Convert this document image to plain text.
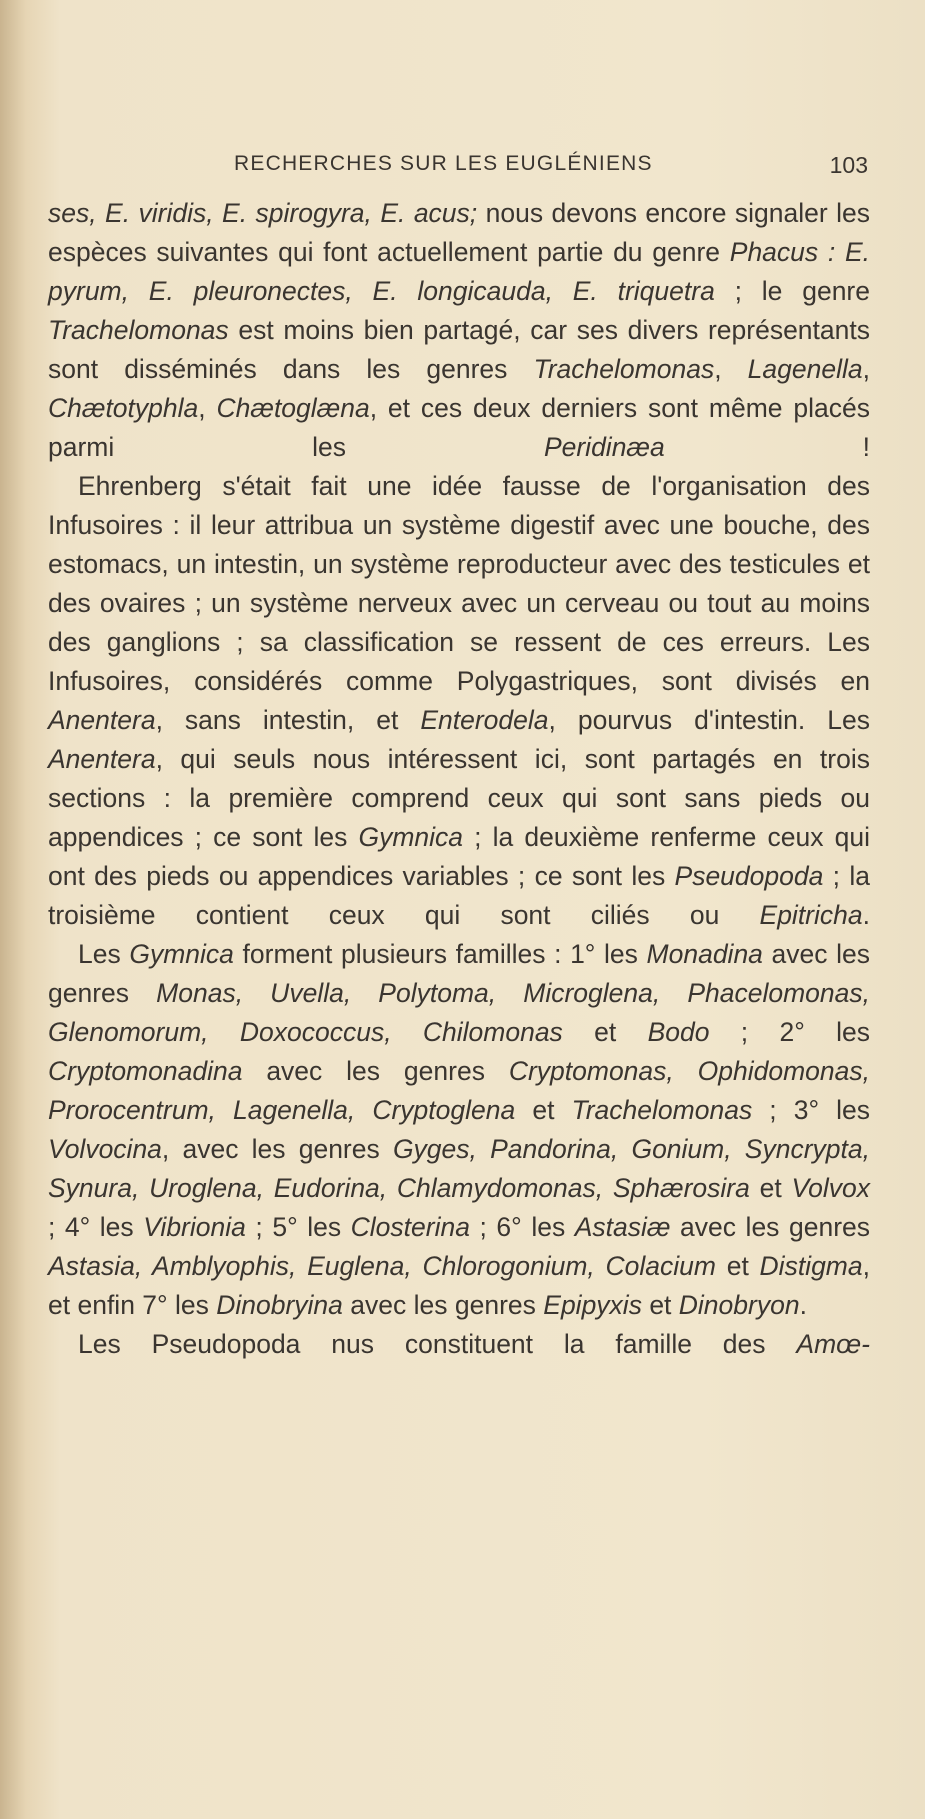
RECHERCHES SUR LES EUGLÉNIENS	103

ses, E. viridis, E. spirogyra, E. acus; nous devons encore signaler les espèces suivantes qui font actuellement partie du genre Phacus : E. pyrum, E. pleuronectes, E. longicauda, E. triquetra ; le genre Trachelomonas est moins bien partagé, car ses divers représentants sont disséminés dans les genres Trachelomonas, Lagenella, Chætotyphla, Chætoglæna, et ces deux derniers sont même placés parmi les Peridinæa !

Ehrenberg s'était fait une idée fausse de l'organisation des Infusoires : il leur attribua un système digestif avec une bouche, des estomacs, un intestin, un système reproducteur avec des testicules et des ovaires ; un système nerveux avec un cerveau ou tout au moins des ganglions ; sa classification se ressent de ces erreurs. Les Infusoires, considérés comme Polygastriques, sont divisés en Anentera, sans intestin, et Enterodela, pourvus d'intestin. Les Anentera, qui seuls nous intéressent ici, sont partagés en trois sections : la première comprend ceux qui sont sans pieds ou appendices ; ce sont les Gymnica ; la deuxième renferme ceux qui ont des pieds ou appendices variables ; ce sont les Pseudopoda ; la troisième contient ceux qui sont ciliés ou Epitricha.

Les Gymnica forment plusieurs familles : 1° les Monadina avec les genres Monas, Uvella, Polytoma, Microglena, Phacelomonas, Glenomorum, Doxococcus, Chilomonas et Bodo ; 2° les Cryptomonadina avec les genres Cryptomonas, Ophidomonas, Prorocentrum, Lagenella, Cryptoglena et Trachelomonas ; 3° les Volvocina, avec les genres Gyges, Pandorina, Gonium, Syncrypta, Synura, Uroglena, Eudorina, Chlamydomonas, Sphærosira et Volvox ; 4° les Vibrionia ; 5° les Closterina ; 6° les Astasiæ avec les genres Astasia, Amblyophis, Euglena, Chlorogonium, Colacium et Distigma, et enfin 7° les Dinobryina avec les genres Epipyxis et Dinobryon.

Les Pseudopoda nus constituent la famille des Amœ-
